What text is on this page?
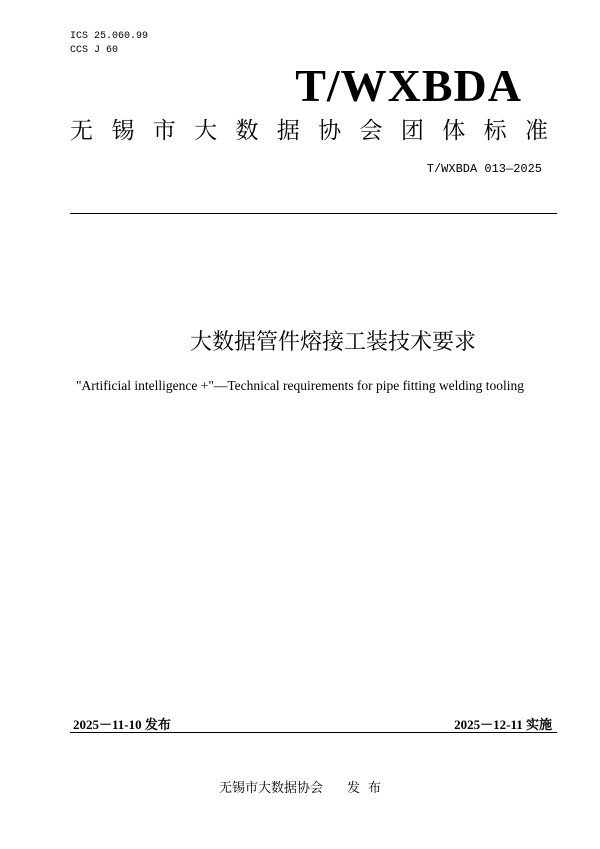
ICS 25.060.99
CCS J 60
T/WXBDA
无 锡 市 大 数 据 协 会 团 体 标 准
T/WXBDA 013—2025
大数据管件熔接工装技术要求
"Artificial intelligence +"—Technical requirements for pipe fitting welding tooling
2025－11-10 发布	2025－12-11 实施
无锡市大数据协会 发布
